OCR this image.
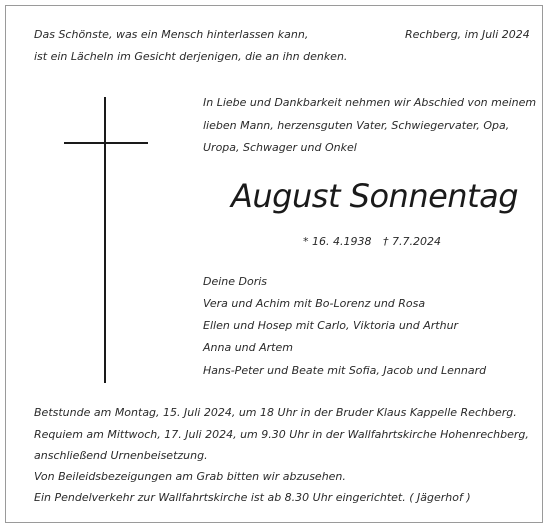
Das Schönste, was ein Mensch hinterlassen kann,
ist ein Lächeln im Gesicht derjenigen, die an ihn denken.
Rechberg, im Juli 2024
In Liebe und Dankbarkeit nehmen wir Abschied von meinem
lieben Mann, herzensguten Vater, Schwiegervater, Opa,
Uropa, Schwager und Onkel
August Sonnentag
* 16. 4.1938 † 7.7.2024
Deine Doris
Vera und Achim mit Bo-Lorenz und Rosa
Ellen und Hosep mit Carlo, Viktoria und Arthur
Anna und Artem
Hans-Peter und Beate mit Sofia, Jacob und Lennard
Betstunde am Montag, 15. Juli 2024, um 18 Uhr in der Bruder Klaus Kappelle Rechberg.
Requiem am Mittwoch, 17. Juli 2024, um 9.30 Uhr in der Wallfahrtskirche Hohenrechberg,
anschließend Urnenbeisetzung.
Von Beileidsbezeigungen am Grab bitten wir abzusehen.
Ein Pendelverkehr zur Wallfahrtskirche ist ab 8.30 Uhr eingerichtet. ( Jägerhof )
